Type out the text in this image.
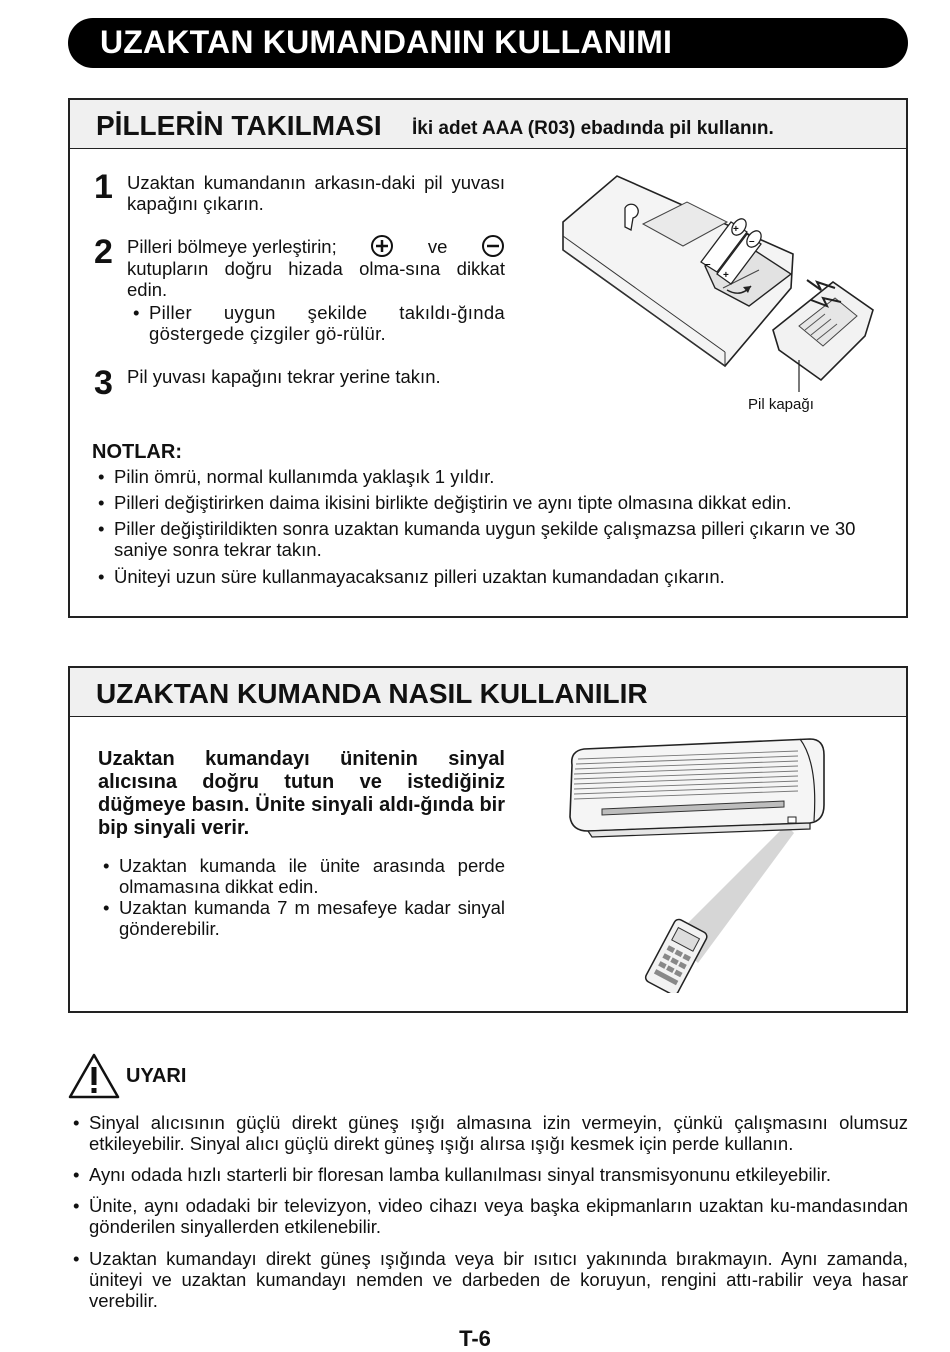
UZAKTAN KUMANDANIN KULLANIMI
PİLLERİN TAKILMASI İki adet AAA (R03) ebadında pil kullanın.
1 Uzaktan kumandanın arkasın-daki pil yuvası kapağını çıkarın.
2 Pilleri bölmeye yerleştirin;	ve
kutupların doğru hizada olma-sına dikkat edin.
• Piller uygun şekilde takıldı-ğında göstergede çizgiler gö-rülür.
3 Pil yuvası kapağını tekrar yerine takın.
+
–
–
+
Pil kapağı
NOTLAR:
• Pilin ömrü, normal kullanımda yaklaşık 1 yıldır.
• Pilleri değiştirirken daima ikisini birlikte değiştirin ve aynı tipte olmasına dikkat edin.
• Piller değiştirildikten sonra uzaktan kumanda uygun şekilde çalışmazsa pilleri çıkarın ve 30 saniye sonra tekrar takın.
• Üniteyi uzun süre kullanmayacaksanız pilleri uzaktan kumandadan çıkarın.
UZAKTAN KUMANDA NASIL KULLANILIR
Uzaktan kumandayı ünitenin sinyal alıcısına doğru tutun ve istediğiniz düğmeye basın. Ünite sinyali aldı-ğında bir bip sinyali verir.
• Uzaktan kumanda ile ünite arasında perde olmamasına dikkat edin.
• Uzaktan kumanda 7 m mesafeye kadar sinyal gönderebilir.
UYARI
• Sinyal alıcısının güçlü direkt güneş ışığı almasına izin vermeyin, çünkü çalışmasını olumsuz etkileyebilir. Sinyal alıcı güçlü direkt güneş ışığı alırsa ışığı kesmek için perde kullanın.
• Aynı odada hızlı starterli bir floresan lamba kullanılması sinyal transmisyonunu etkileyebilir.
• Ünite, aynı odadaki bir televizyon, video cihazı veya başka ekipmanların uzaktan ku-mandasından gönderilen sinyallerden etkilenebilir.
• Uzaktan kumandayı direkt güneş ışığında veya bir ısıtıcı yakınında bırakmayın. Aynı zamanda, üniteyi ve uzaktan kumandayı nemden ve darbeden de koruyun, rengini attı-rabilir veya hasar verebilir.
T-6
